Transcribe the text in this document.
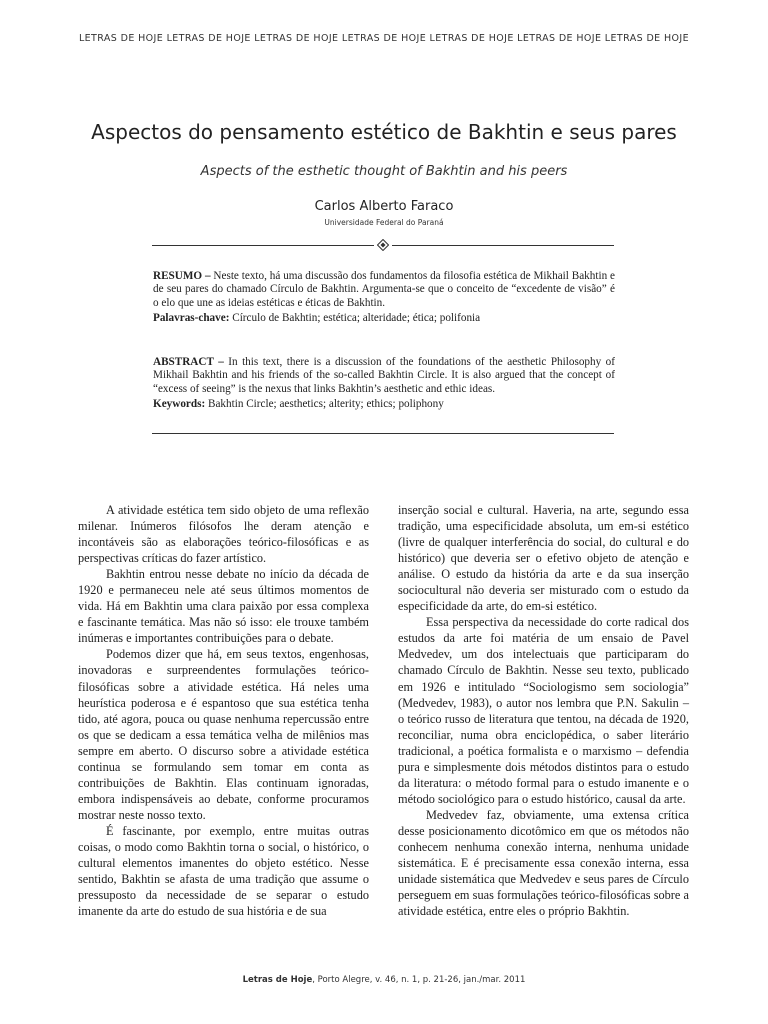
LETRAS DE HOJE LETRAS DE HOJE LETRAS DE HOJE LETRAS DE HOJE LETRAS DE HOJE LETRAS DE HOJE LETRAS DE HOJE
Aspectos do pensamento estético de Bakhtin e seus pares

Aspects of the esthetic thought of Bakhtin and his peers

Carlos Alberto Faraco

Universidade Federal do Paraná

RESUMO – Neste texto, há uma discussão dos fundamentos da filosofia estética de Mikhail Bakhtin e de seu pares do chamado Círculo de Bakhtin. Argumenta-se que o conceito de “excedente de visão” é o elo que une as ideias estéticas e éticas de Bakhtin.

Palavras-chave: Círculo de Bakhtin; estética; alteridade; ética; polifonia

ABSTRACT – In this text, there is a discussion of the foundations of the aesthetic Philosophy of Mikhail Bakhtin and his friends of the so-called Bakhtin Circle. It is also argued that the concept of “excess of seeing” is the nexus that links Bakhtin’s aesthetic and ethic ideas.

Keywords: Bakhtin Circle; aesthetics; alterity; ethics; poliphony

A atividade estética tem sido objeto de uma reflexão milenar. Inúmeros filósofos lhe deram atenção e incontáveis são as elaborações teórico-filosóficas e as perspectivas críticas do fazer artístico.

Bakhtin entrou nesse debate no início da década de 1920 e permaneceu nele até seus últimos momentos de vida. Há em Bakhtin uma clara paixão por essa complexa e fascinante temática. Mas não só isso: ele trouxe também inúmeras e importantes contribuições para o debate.

Podemos dizer que há, em seus textos, engenhosas, inovadoras e surpreendentes formulações teórico-filosóficas sobre a atividade estética. Há neles uma heurística poderosa e é espantoso que sua estética tenha tido, até agora, pouca ou quase nenhuma repercussão entre os que se dedicam a essa temática velha de milênios mas sempre em aberto. O discurso sobre a atividade estética continua se formulando sem tomar em conta as contribuições de Bakhtin. Elas continuam ignoradas, embora indispensáveis ao debate, conforme procuramos mostrar neste nosso texto.

É fascinante, por exemplo, entre muitas outras coisas, o modo como Bakhtin torna o social, o histórico, o cultural elementos imanentes do objeto estético. Nesse sentido, Bakhtin se afasta de uma tradição que assume o pressuposto da necessidade de se separar o estudo imanente da arte do estudo de sua história e de sua

inserção social e cultural. Haveria, na arte, segundo essa tradição, uma especificidade absoluta, um em-si estético (livre de qualquer interferência do social, do cultural e do histórico) que deveria ser o efetivo objeto de atenção e análise. O estudo da história da arte e da sua inserção sociocultural não deveria ser misturado com o estudo da especificidade da arte, do em-si estético.

Essa perspectiva da necessidade do corte radical dos estudos da arte foi matéria de um ensaio de Pavel Medvedev, um dos intelectuais que participaram do chamado Círculo de Bakhtin. Nesse seu texto, publicado em 1926 e intitulado “Sociologismo sem sociologia” (Medvedev, 1983), o autor nos lembra que P.N. Sakulin – o teórico russo de literatura que tentou, na década de 1920, reconciliar, numa obra enciclopédica, o saber literário tradicional, a poética formalista e o marxismo – defendia pura e simplesmente dois métodos distintos para o estudo da literatura: o método formal para o estudo imanente e o método sociológico para o estudo histórico, causal da arte.

Medvedev faz, obviamente, uma extensa crítica desse posicionamento dicotômico em que os métodos não conhecem nenhuma conexão interna, nenhuma unidade sistemática. E é precisamente essa conexão interna, essa unidade sistemática que Medvedev e seus pares de Círculo perseguem em suas formulações teórico-filosóficas sobre a atividade estética, entre eles o próprio Bakhtin.

Letras de Hoje, Porto Alegre, v. 46, n. 1, p. 21-26, jan./mar. 2011
